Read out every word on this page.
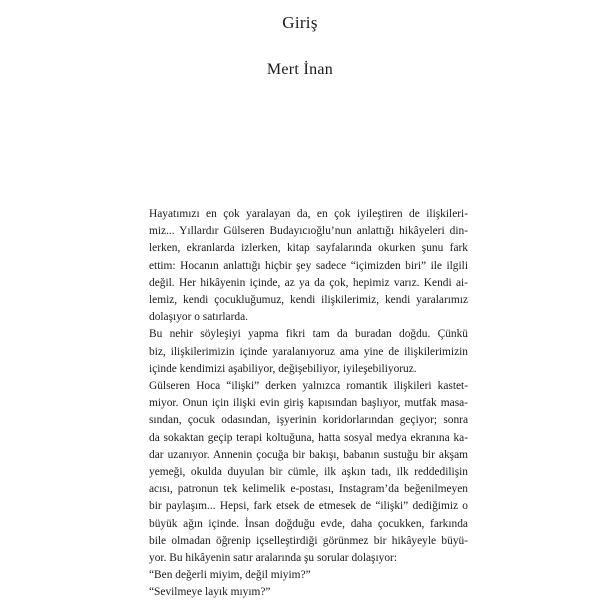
Giriş
Mert İnan

Hayatımızı en çok yaralayan da, en çok iyileştiren de ilişkileri-
miz... Yıllardır Gülseren Budayıcıoğlu’nun anlattığı hikâyeleri din-
lerken, ekranlarda izlerken, kitap sayfalarında okurken şunu fark
ettim: Hocanın anlattığı hiçbir şey sadece “içimizden biri” ile ilgili
değil. Her hikâyenin içinde, az ya da çok, hepimiz varız. Kendi ai-
lemiz, kendi çocukluğumuz, kendi ilişkilerimiz, kendi yaralarımız
dolaşıyor o satırlarda.

Bu nehir söyleşiyi yapma fikri tam da buradan doğdu. Çünkü
biz, ilişkilerimizin içinde yaralanıyoruz ama yine de ilişkilerimizin
içinde kendimizi aşabiliyor, değişebiliyor, iyileşebiliyoruz.

Gülseren Hoca “ilişki” derken yalnızca romantik ilişkileri kastet-
miyor. Onun için ilişki evin giriş kapısından başlıyor, mutfak masa-
sından, çocuk odasından, işyerinin koridorlarından geçiyor; sonra
da sokaktan geçip terapi koltuğuna, hatta sosyal medya ekranına ka-
dar uzanıyor. Annenin çocuğa bir bakışı, babanın sustuğu bir akşam
yemeği, okulda duyulan bir cümle, ilk aşkın tadı, ilk reddedilişin
acısı, patronun tek kelimelik e-postası, Instagram’da beğenilmeyen
bir paylaşım... Hepsi, fark etsek de etmesek de “ilişki” dediğimiz o
büyük ağın içinde. İnsan doğduğu evde, daha çocukken, farkında
bile olmadan öğrenip içselleştirdiği görünmez bir hikâyeyle büyü-
yor. Bu hikâyenin satır aralarında şu sorular dolaşıyor:

“Ben değerli miyim, değil miyim?”

“Sevilmeye layık mıyım?”
